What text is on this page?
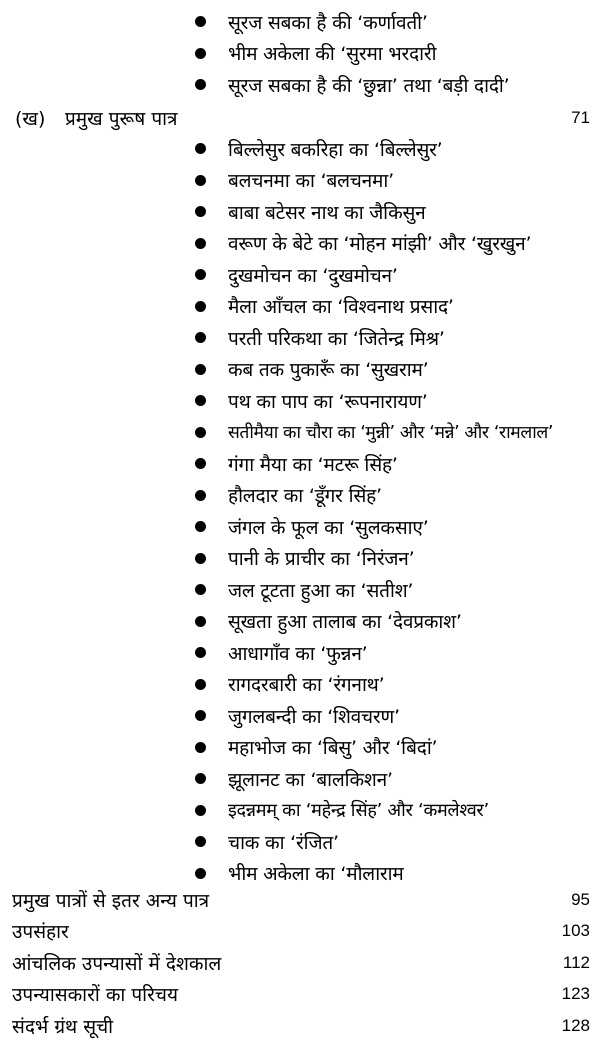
सूरज सबका है की ‘कर्णावती’
भीम अकेला की ‘सुरमा भरदारी
सूरज सबका है की ‘छुन्ना’ तथा ‘बड़ी दादी’
(ख)	प्रमुख पुरूष पात्र	71
बिल्लेसुर बकरिहा का ‘बिल्लेसुर’
बलचनमा का ‘बलचनमा’
बाबा बटेसर नाथ का जैकिसुन
वरूण के बेटे का ‘मोहन मांझी’ और ‘खुरखुन’
दुखमोचन का ‘दुखमोचन’
मैला आँचल का ‘विश्वनाथ प्रसाद’
परती परिकथा का ‘जितेन्द्र मिश्र’
कब तक पुकारूँ का ‘सुखराम’
पथ का पाप का ‘रूपनारायण’
सतीमैया का चौरा का ‘मुन्नी’ और ‘मन्ने’ और ‘रामलाल’
गंगा मैया का ‘मटरू सिंह’
हौलदार का ‘डूँगर सिंह’
जंगल के फूल का ‘सुलकसाए’
पानी के प्राचीर का ‘निरंजन’
जल टूटता हुआ का ‘सतीश’
सूखता हुआ तालाब का ‘देवप्रकाश’
आधागाँव का ‘फुन्नन’
रागदरबारी का ‘रंगनाथ’
जुगलबन्दी का ‘शिवचरण’
महाभोज का ‘बिसु’ और ‘बिदां’
झूलानट का ‘बालकिशन’
इदन्नमम् का ‘महेन्द्र सिंह’ और ‘कमलेश्वर’
चाक का ‘रंजित’
भीम अकेला का ‘मौलाराम
प्रमुख पात्रों से इतर अन्य पात्र	95
उपसंहार	103
आंचलिक उपन्यासों में देशकाल	112
उपन्यासकारों का परिचय	123
संदर्भ ग्रंथ सूची	128
